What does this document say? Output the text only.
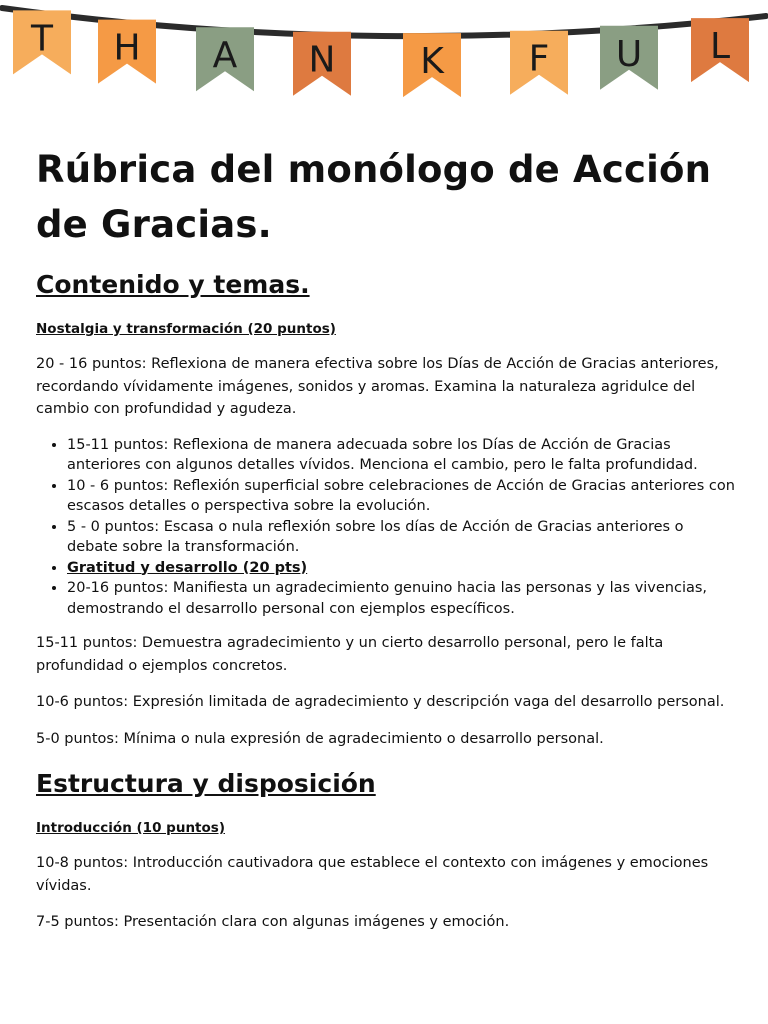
T H A N K F U L
Rúbrica del monólogo de Acción de Gracias.
Contenido y temas.
Nostalgia y transformación (20 puntos)

20 - 16 puntos: Reflexiona de manera efectiva sobre los Días de Acción de Gracias anteriores, recordando vívidamente imágenes, sonidos y aromas. Examina la naturaleza agridulce del cambio con profundidad y agudeza.

• 15-11 puntos: Reflexiona de manera adecuada sobre los Días de Acción de Gracias anteriores con algunos detalles vívidos. Menciona el cambio, pero le falta profundidad.
• 10 - 6 puntos: Reflexión superficial sobre celebraciones de Acción de Gracias anteriores con escasos detalles o perspectiva sobre la evolución.
• 5 - 0 puntos: Escasa o nula reflexión sobre los días de Acción de Gracias anteriores o debate sobre la transformación.
• Gratitud y desarrollo (20 pts)
• 20-16 puntos: Manifiesta un agradecimiento genuino hacia las personas y las vivencias, demostrando el desarrollo personal con ejemplos específicos.

15-11 puntos: Demuestra agradecimiento y un cierto desarrollo personal, pero le falta profundidad o ejemplos concretos.

10-6 puntos: Expresión limitada de agradecimiento y descripción vaga del desarrollo personal.

5-0 puntos: Mínima o nula expresión de agradecimiento o desarrollo personal.

Estructura y disposición
Introducción (10 puntos)

10-8 puntos: Introducción cautivadora que establece el contexto con imágenes y emociones vívidas.

7-5 puntos: Presentación clara con algunas imágenes y emoción.
